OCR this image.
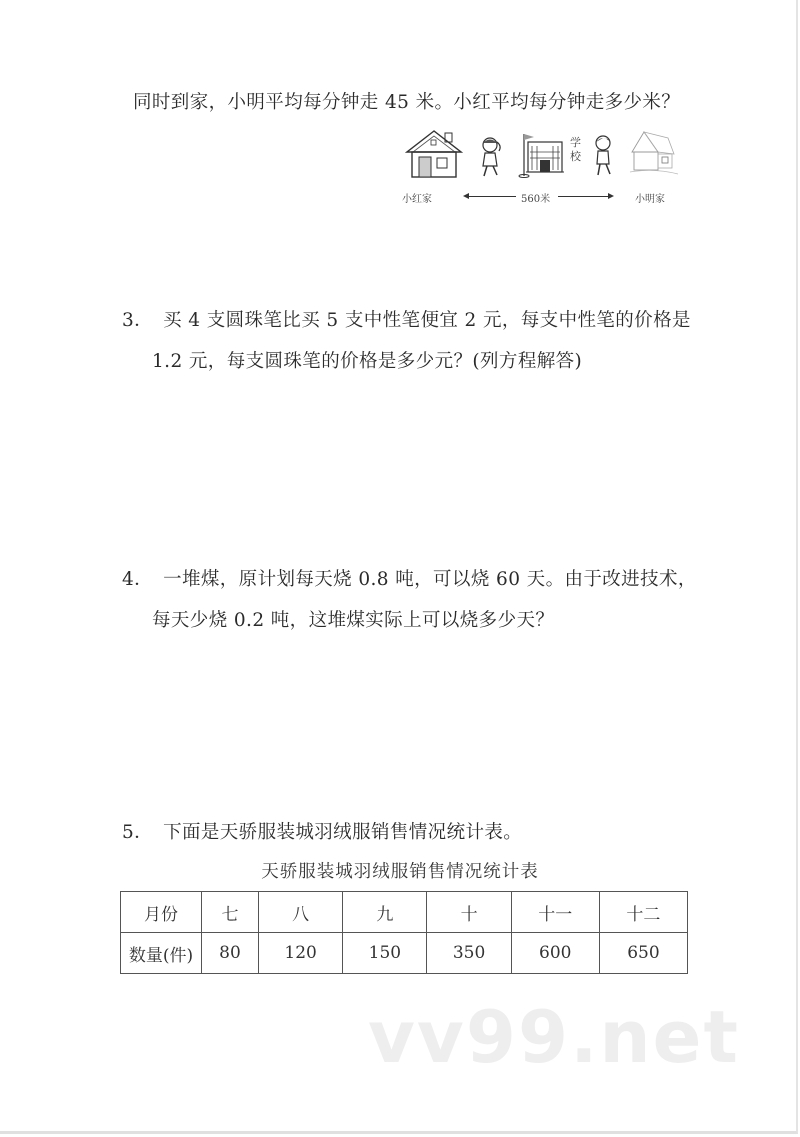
同时到家，小明平均每分钟走 45 米。小红平均每分钟走多少米？
学校
小红家	560米	小明家
3． 买 4 支圆珠笔比买 5 支中性笔便宜 2 元，每支中性笔的价格是
1.2 元，每支圆珠笔的价格是多少元？(列方程解答)
4． 一堆煤，原计划每天烧 0.8 吨，可以烧 60 天。由于改进技术，
每天少烧 0.2 吨，这堆煤实际上可以烧多少天？
5． 下面是天骄服装城羽绒服销售情况统计表。
天骄服装城羽绒服销售情况统计表
月份	七	八	九	十	十一	十二
数量(件)	80	120	150	350	600	650
vv99.net
